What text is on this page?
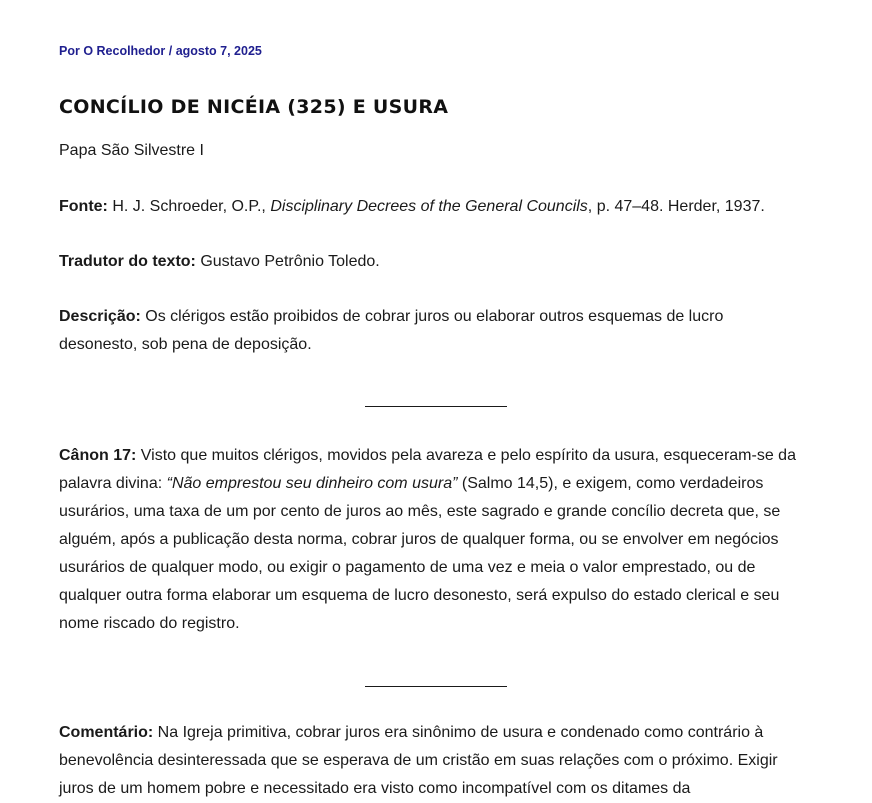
Por O Recolhedor / agosto 7, 2025
CONCÍLIO DE NICÉIA (325) E USURA

Papa São Silvestre I

Fonte: H. J. Schroeder, O.P., Disciplinary Decrees of the General Councils, p. 47–48. Herder, 1937.

Tradutor do texto: Gustavo Petrônio Toledo.

Descrição: Os clérigos estão proibidos de cobrar juros ou elaborar outros esquemas de lucro desonesto, sob pena de deposição.

Cânon 17: Visto que muitos clérigos, movidos pela avareza e pelo espírito da usura, esqueceram-se da palavra divina: “Não emprestou seu dinheiro com usura” (Salmo 14,5), e exigem, como verdadeiros usurários, uma taxa de um por cento de juros ao mês, este sagrado e grande concílio decreta que, se alguém, após a publicação desta norma, cobrar juros de qualquer forma, ou se envolver em negócios usurários de qualquer modo, ou exigir o pagamento de uma vez e meia o valor emprestado, ou de qualquer outra forma elaborar um esquema de lucro desonesto, será expulso do estado clerical e seu nome riscado do registro.

Comentário: Na Igreja primitiva, cobrar juros era sinônimo de usura e condenado como contrário à benevolência desinteressada que se esperava de um cristão em suas relações com o próximo. Exigir juros de um homem pobre e necessitado era visto como incompatível com os ditames da
